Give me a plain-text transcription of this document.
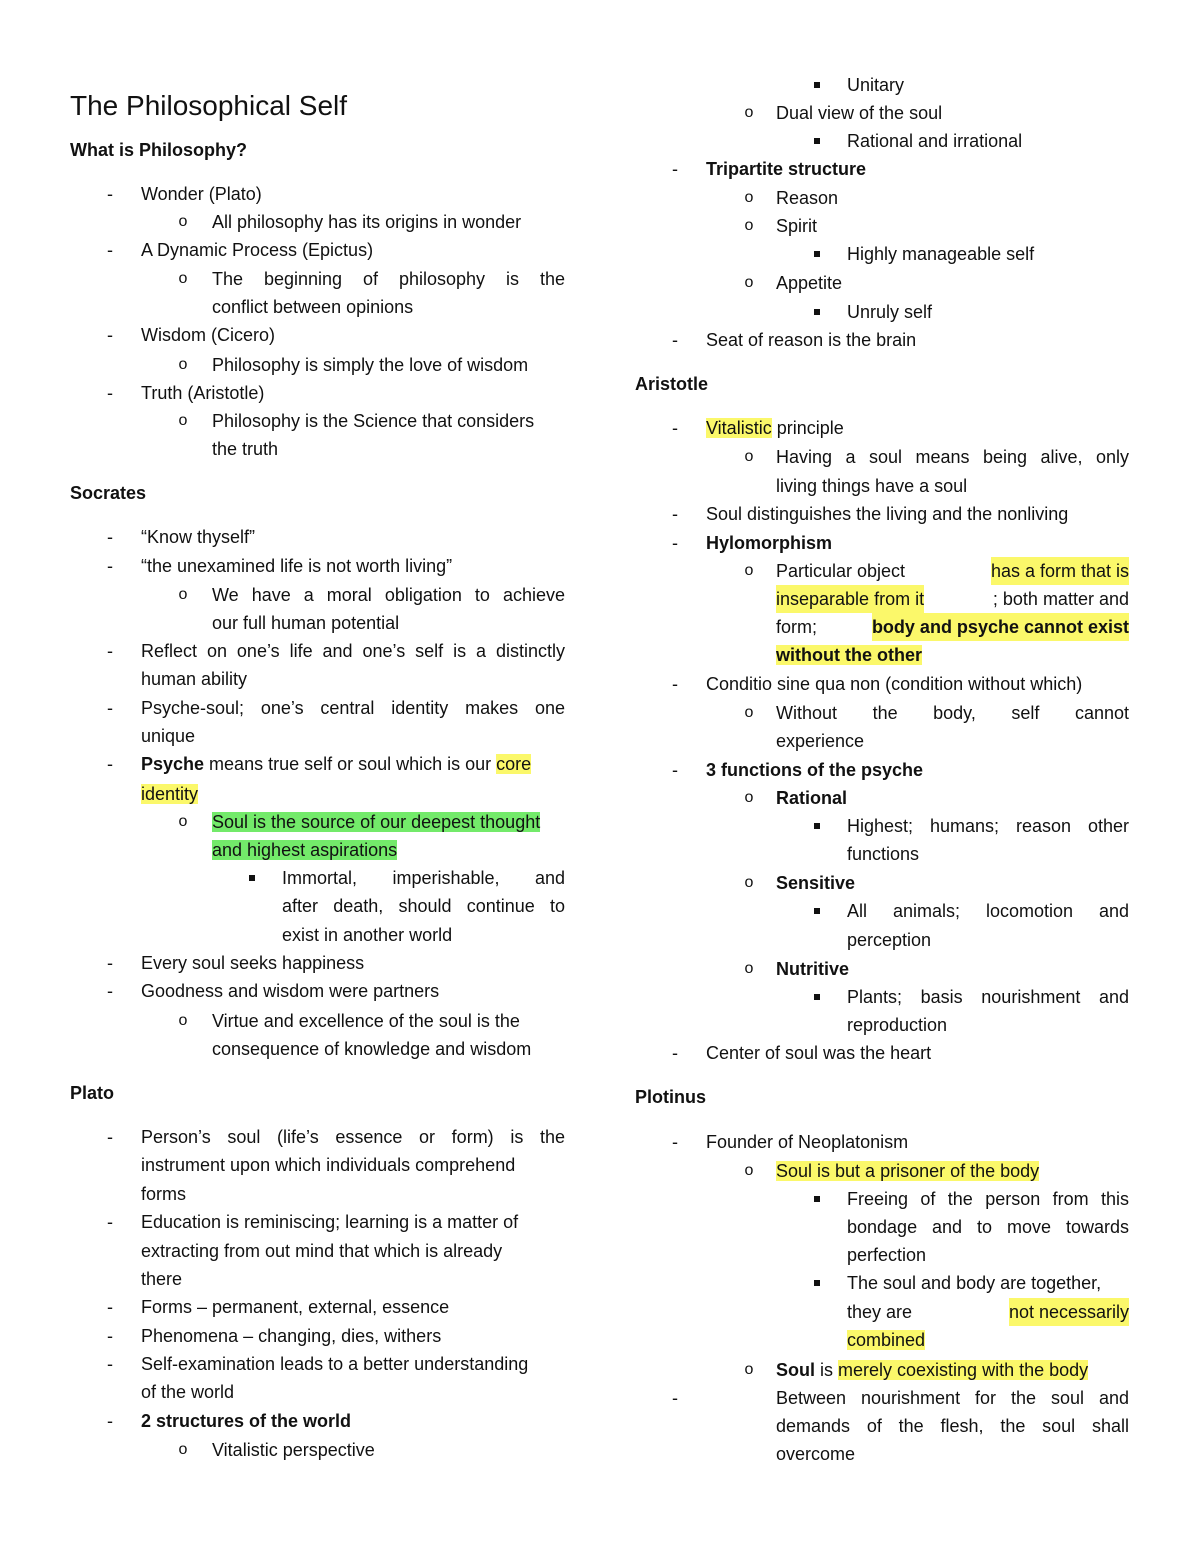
The Philosophical Self
What is Philosophy?
-	Wonder (Plato)
o All philosophy has its origins in wonder
-	A Dynamic Process (Epictus)
o The beginning of philosophy is the
conflict between opinions
-	Wisdom (Cicero)
o Philosophy is simply the love of wisdom
-	Truth (Aristotle)
o Philosophy is the Science that considers
the truth
Socrates
-	“Know thyself”
-	“the unexamined life is not worth living”
o We have a moral obligation to achieve
our full human potential
-	Reflect on one’s life and one’s self is a distinctly
human ability
-	Psyche-soul; one’s central identity makes one
unique
-	Psyche means true self or soul which is our core
identity
o Soul is the source of our deepest thought
and highest aspirations
Immortal, imperishable, and
after death, should continue to
exist in another world
-	Every soul seeks happiness
-	Goodness and wisdom were partners
o Virtue and excellence of the soul is the
consequence of knowledge and wisdom
Plato
-	Person’s soul (life’s essence or form) is the
instrument upon which individuals comprehend
forms
-	Education is reminiscing; learning is a matter of
extracting from out mind that which is already
there
-	Forms – permanent, external, essence
-	Phenomena – changing, dies, withers
-	Self-examination leads to a better understanding
of the world
-	2 structures of the world
o Vitalistic perspective
Unitary
o Dual view of the soul
Rational and irrational
-	Tripartite structure
o Reason
o Spirit
Highly manageable self
o Appetite
Unruly self
-	Seat of reason is the brain
Aristotle
-	Vitalistic principle
o Having a soul means being alive, only
living things have a soul
-	Soul distinguishes the living and the nonliving
-	Hylomorphism
o Particular object	has a form that is
inseparable from it	; both matter and
form;	body and psyche cannot exist
without the other
-	Conditio sine qua non (condition without which)
o Without the body, self cannot
experience
-	3 functions of the psyche
o Rational
Highest; humans; reason other
functions
o Sensitive
All animals; locomotion and
perception
o Nutritive
Plants; basis nourishment and
reproduction
-	Center of soul was the heart
Plotinus
-	Founder of Neoplatonism
o Soul is but a prisoner of the body
Freeing of the person from this
bondage and to move towards
perfection
The soul and body are together,
they are	not necessarily
combined
o Soul is merely coexisting with the body
-	Between nourishment for the soul and
demands of the flesh, the soul shall
overcome
